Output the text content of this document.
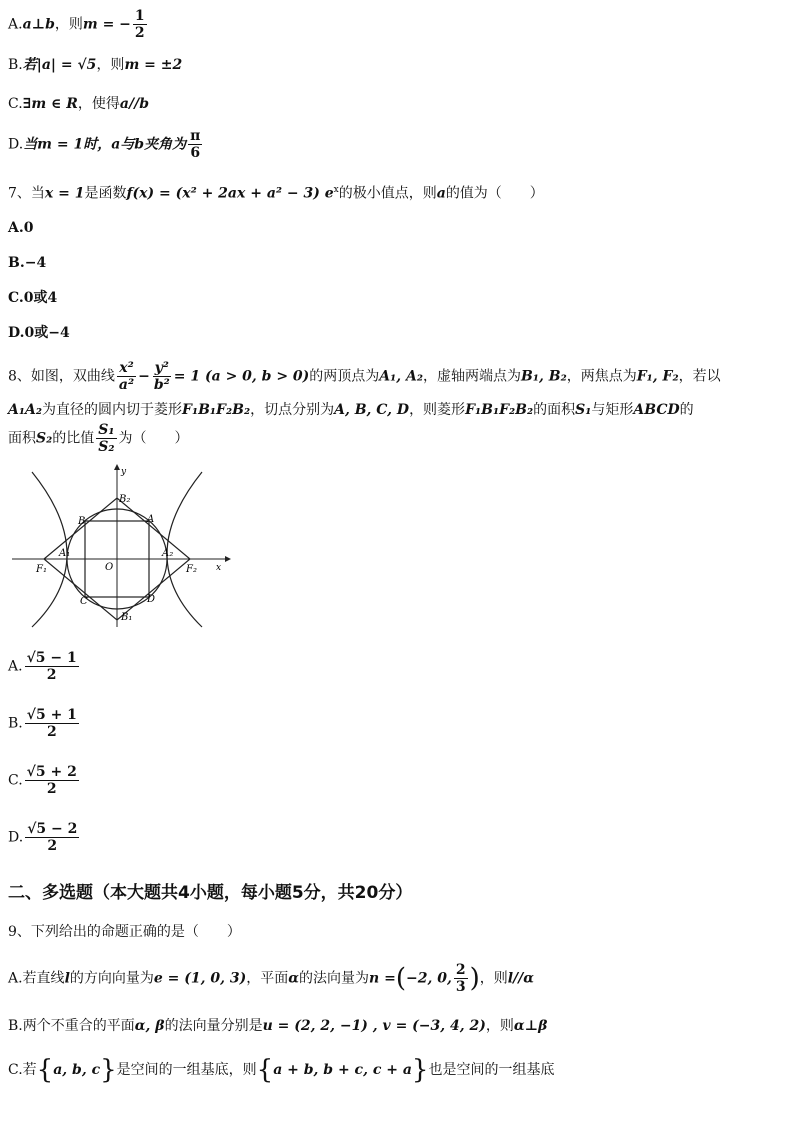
A.a⊥b，则m = − $\frac{1}{2}$
B.若|a| = √5，则m = ±2
C.∃m ∈ R，使得a//b
D.当m = 1时，a与b夹角为 $\frac{\pi}{6}$
7、当x = 1是函数f(x) = (x² + 2ax + a² − 3) $e^x$的极小值点，则a的值为（　　）
A.0
B.−4
C.0或4
D.0或−4
8、如图，双曲线 $\frac{\text{x²}}{\text{a²}} - \frac{\text{y²}}{\text{b²}} = 1$ (a > 0, b > 0)的两顶点为A₁, A₂，虚轴两端点为B₁, B₂，两焦点为F₁, F₂，若以
A₁A₂为直径的圆内切于菱形F₁B₁F₂B₂，切点分别为A, B, C, D，则菱形F₁B₁F₂B₂的面积S₁与矩形ABCD的
面积S₂的比值 $\frac{\text{S₁}}{\text{S₂}}$ 为（　　）
y
x
O
B₂
B₁
A
B
C	D
A₁	A₂
F₁	F₂
A. $\frac{√5 - 1}{2}$
B. $\frac{√5 + 1}{2}$
C. $\frac{√5 + 2}{2}$
D. $\frac{√5 - 2}{2}$
二、多选题（本大题共4小题，每小题5分，共20分）
9、下列给出的命题正确的是（　　）
A.若直线l的方向向量为e = (1, 0, 3)，平面α的法向量为n =(−2, 0, $\frac{2}{3}$ )，则l//α
B.两个不重合的平面α, β的法向量分别是u = (2, 2, −1) , v = (−3, 4, 2)，则α⊥β
C.若{a, b, c}是空间的一组基底，则{a + b, b + c, c + a}也是空间的一组基底
